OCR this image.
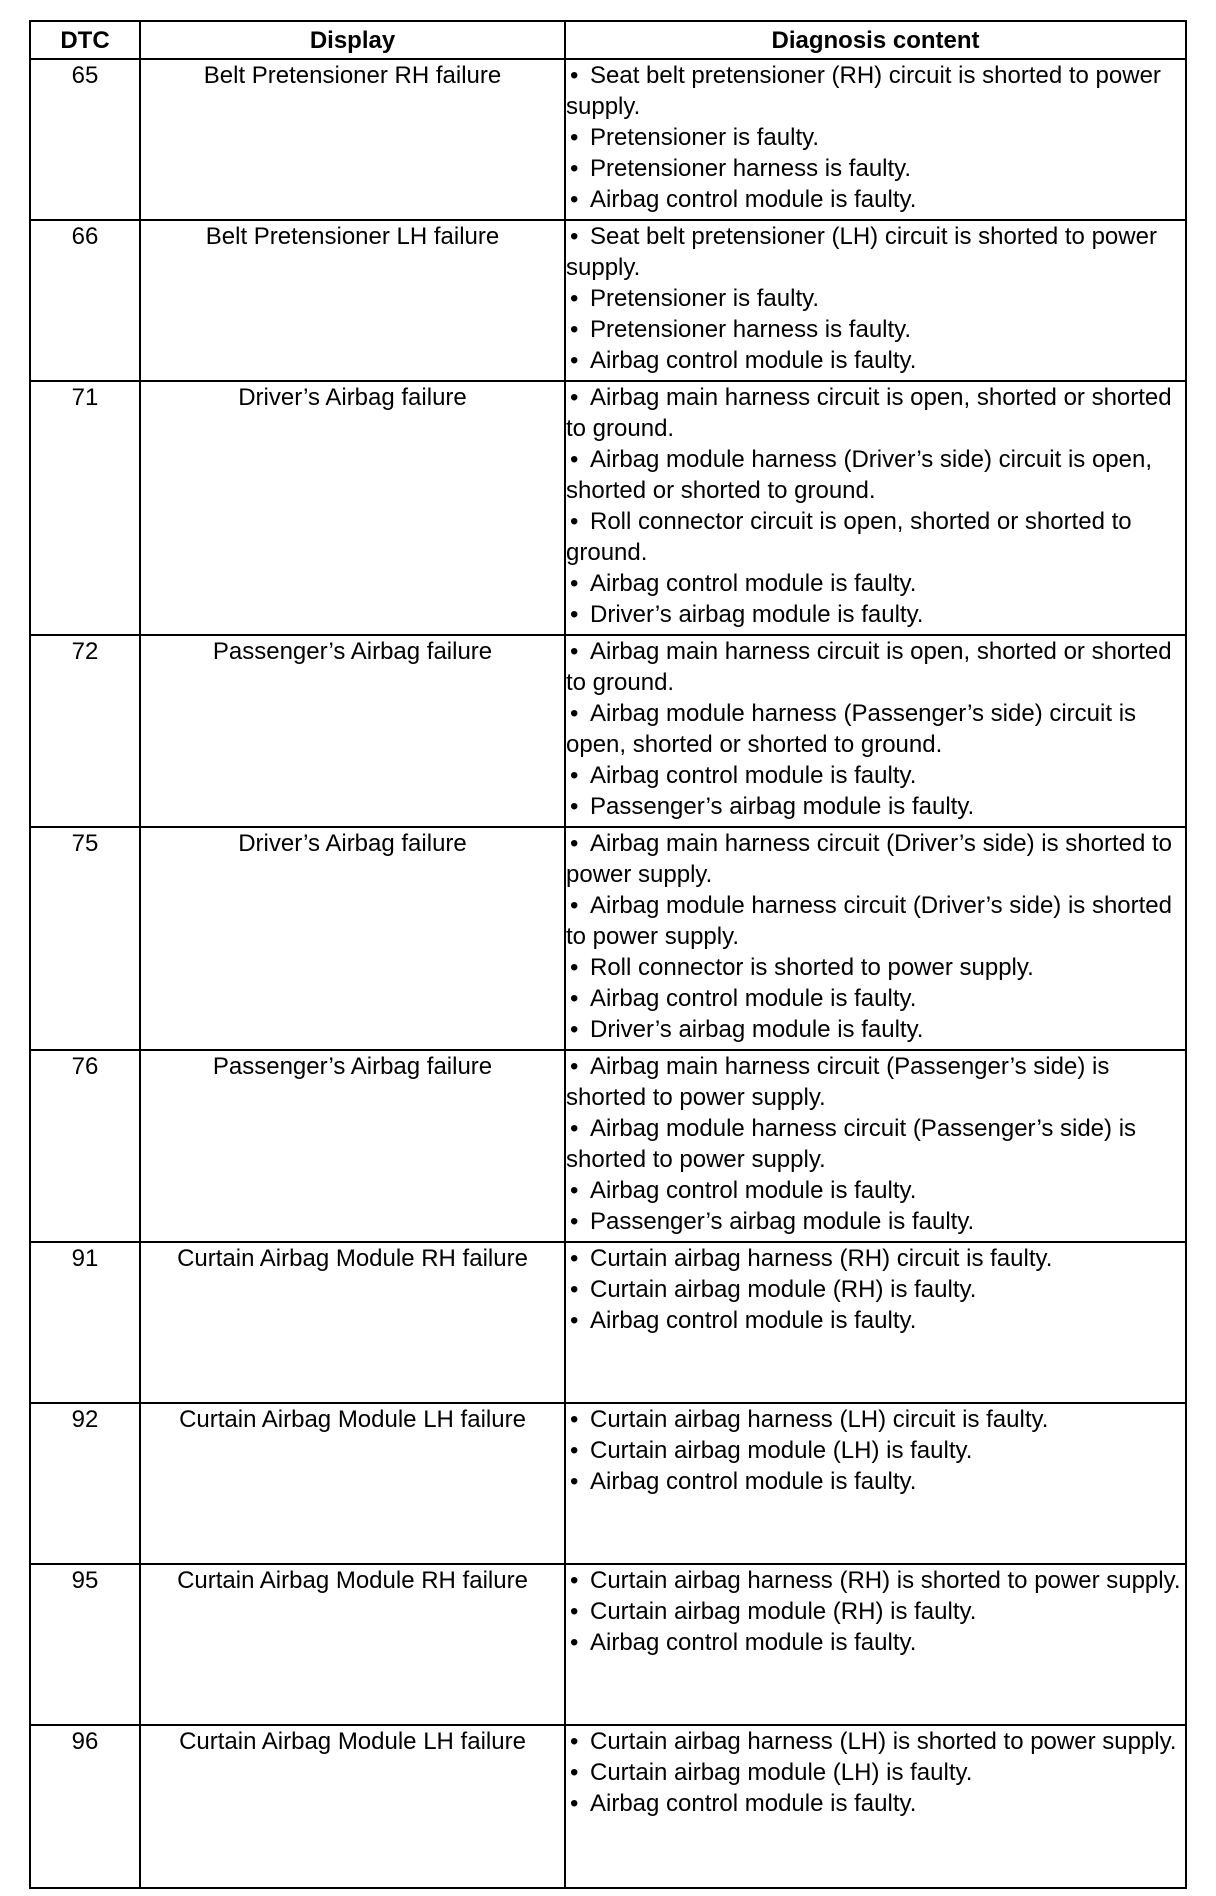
DTC	Display	Diagnosis content
65	Belt Pretensioner RH failure	• Seat belt pretensioner (RH) circuit is shorted to power supply.
• Pretensioner is faulty.
• Pretensioner harness is faulty.
• Airbag control module is faulty.

66	Belt Pretensioner LH failure	• Seat belt pretensioner (LH) circuit is shorted to power supply.
• Pretensioner is faulty.
• Pretensioner harness is faulty.
• Airbag control module is faulty.

71	Driver’s Airbag failure	• Airbag main harness circuit is open, shorted or shorted to ground.
• Airbag module harness (Driver’s side) circuit is open, shorted or shorted to ground.
• Roll connector circuit is open, shorted or shorted to ground.
• Airbag control module is faulty.
• Driver’s airbag module is faulty.

72	Passenger’s Airbag failure	• Airbag main harness circuit is open, shorted or shorted to ground.
• Airbag module harness (Passenger’s side) circuit is open, shorted or shorted to ground.
• Airbag control module is faulty.
• Passenger’s airbag module is faulty.

75	Driver’s Airbag failure	• Airbag main harness circuit (Driver’s side) is shorted to power supply.
• Airbag module harness circuit (Driver’s side) is shorted to power supply.
• Roll connector is shorted to power supply.
• Airbag control module is faulty.
• Driver’s airbag module is faulty.

76	Passenger’s Airbag failure	• Airbag main harness circuit (Passenger’s side) is shorted to power supply.
• Airbag module harness circuit (Passenger’s side) is shorted to power supply.
• Airbag control module is faulty.
• Passenger’s airbag module is faulty.

91	Curtain Airbag Module RH failure	• Curtain airbag harness (RH) circuit is faulty.
• Curtain airbag module (RH) is faulty.
• Airbag control module is faulty.

92	Curtain Airbag Module LH failure	• Curtain airbag harness (LH) circuit is faulty.
• Curtain airbag module (LH) is faulty.
• Airbag control module is faulty.

95	Curtain Airbag Module RH failure	• Curtain airbag harness (RH) is shorted to power supply.
• Curtain airbag module (RH) is faulty.
• Airbag control module is faulty.

96	Curtain Airbag Module LH failure	• Curtain airbag harness (LH) is shorted to power supply.
• Curtain airbag module (LH) is faulty.
• Airbag control module is faulty.
